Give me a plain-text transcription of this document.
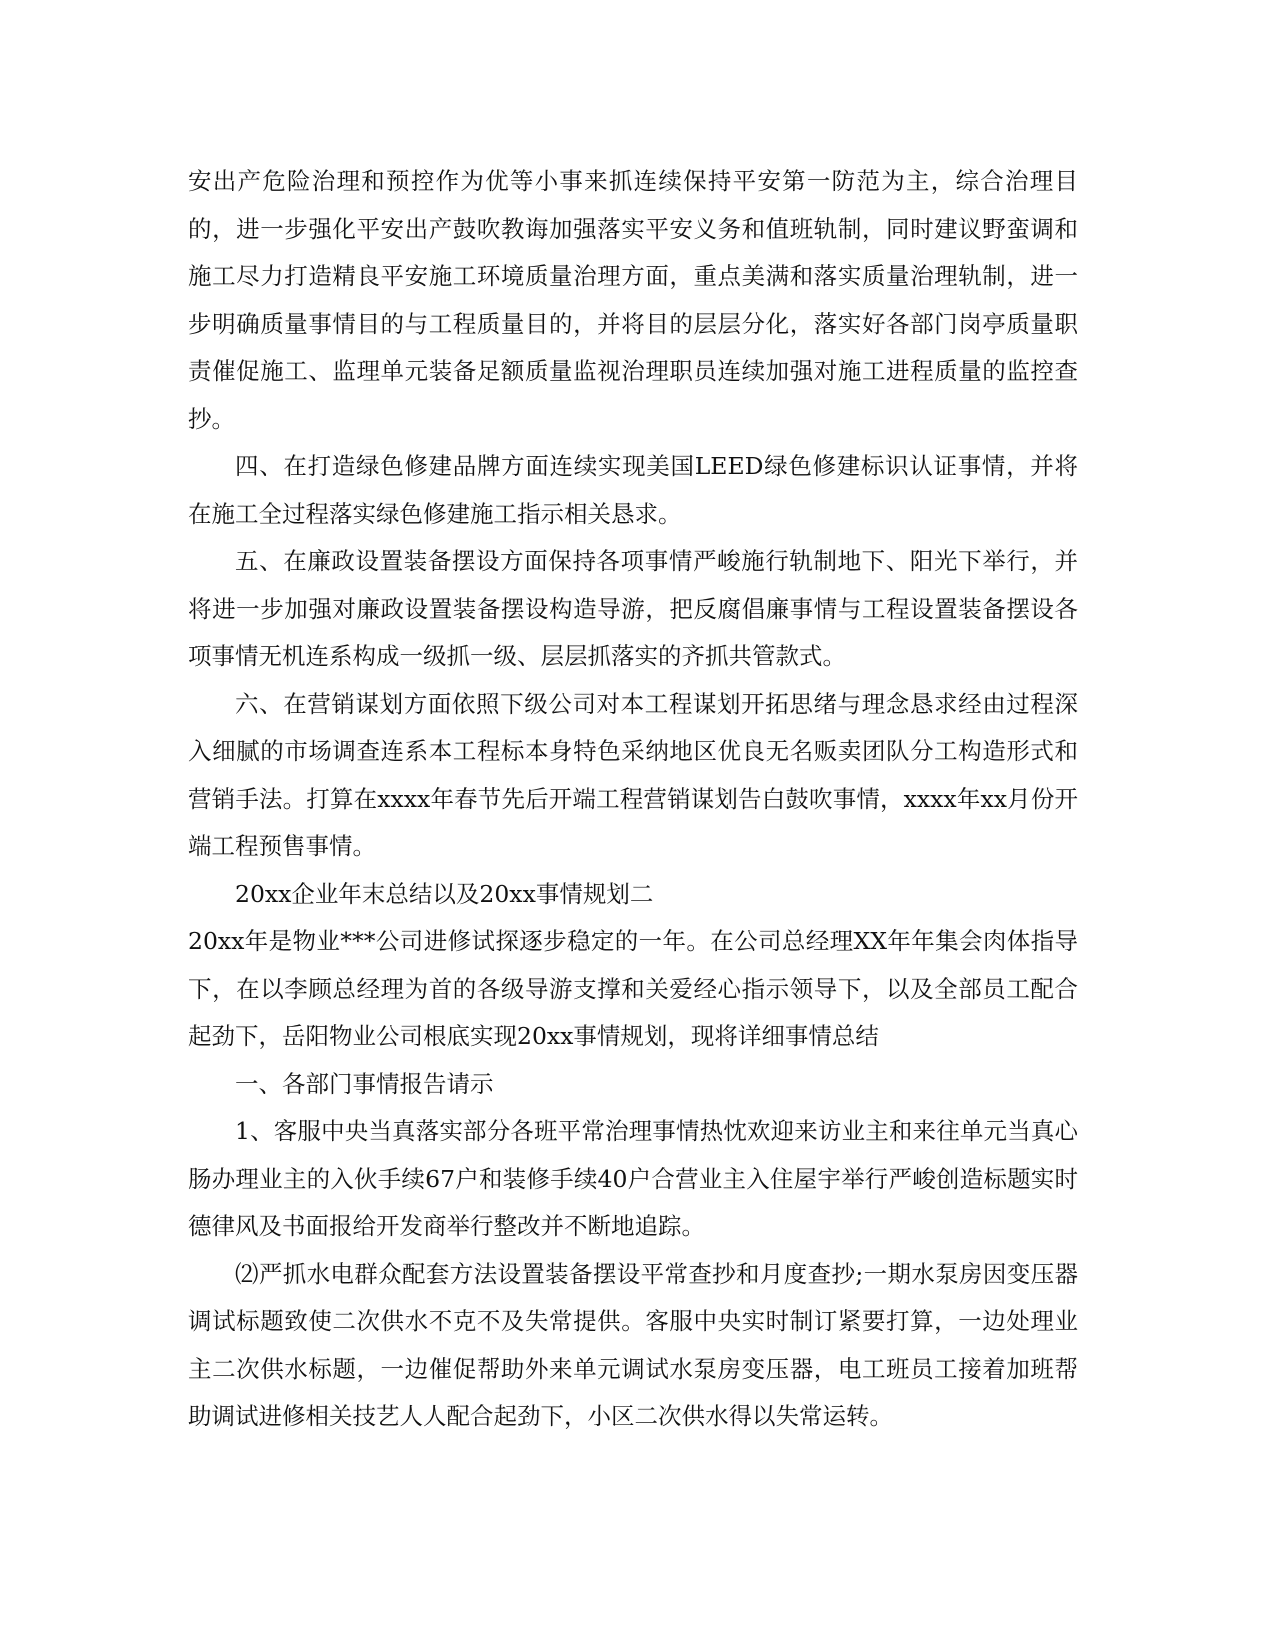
安出产危险治理和预控作为优等小事来抓连续保持平安第一防范为主，综合治理目的，进一步强化平安出产鼓吹教诲加强落实平安义务和值班轨制，同时建议野蛮调和施工尽力打造精良平安施工环境质量治理方面，重点美满和落实质量治理轨制，进一步明确质量事情目的与工程质量目的，并将目的层层分化，落实好各部门岗亭质量职责催促施工、监理单元装备足额质量监视治理职员连续加强对施工进程质量的监控查抄。

四、在打造绿色修建品牌方面连续实现美国LEED绿色修建标识认证事情，并将在施工全过程落实绿色修建施工指示相关恳求。

五、在廉政设置装备摆设方面保持各项事情严峻施行轨制地下、阳光下举行，并将进一步加强对廉政设置装备摆设构造导游，把反腐倡廉事情与工程设置装备摆设各项事情无机连系构成一级抓一级、层层抓落实的齐抓共管款式。

六、在营销谋划方面依照下级公司对本工程谋划开拓思绪与理念恳求经由过程深入细腻的市场调查连系本工程标本身特色采纳地区优良无名贩卖团队分工构造形式和营销手法。打算在xxxx年春节先后开端工程营销谋划告白鼓吹事情，xxxx年xx月份开端工程预售事情。

20xx企业年末总结以及20xx事情规划二

20xx年是物业***公司进修试探逐步稳定的一年。在公司总经理XX年年集会肉体指导下，在以李顾总经理为首的各级导游支撑和关爱经心指示领导下，以及全部员工配合起劲下，岳阳物业公司根底实现20xx事情规划，现将详细事情总结

一、各部门事情报告请示

1、客服中央当真落实部分各班平常治理事情热忱欢迎来访业主和来往单元当真心肠办理业主的入伙手续67户和装修手续40户合营业主入住屋宇举行严峻创造标题实时德律风及书面报给开发商举行整改并不断地追踪。

⑵严抓水电群众配套方法设置装备摆设平常查抄和月度查抄;一期水泵房因变压器调试标题致使二次供水不克不及失常提供。客服中央实时制订紧要打算，一边处理业主二次供水标题，一边催促帮助外来单元调试水泵房变压器，电工班员工接着加班帮助调试进修相关技艺人人配合起劲下，小区二次供水得以失常运转。
